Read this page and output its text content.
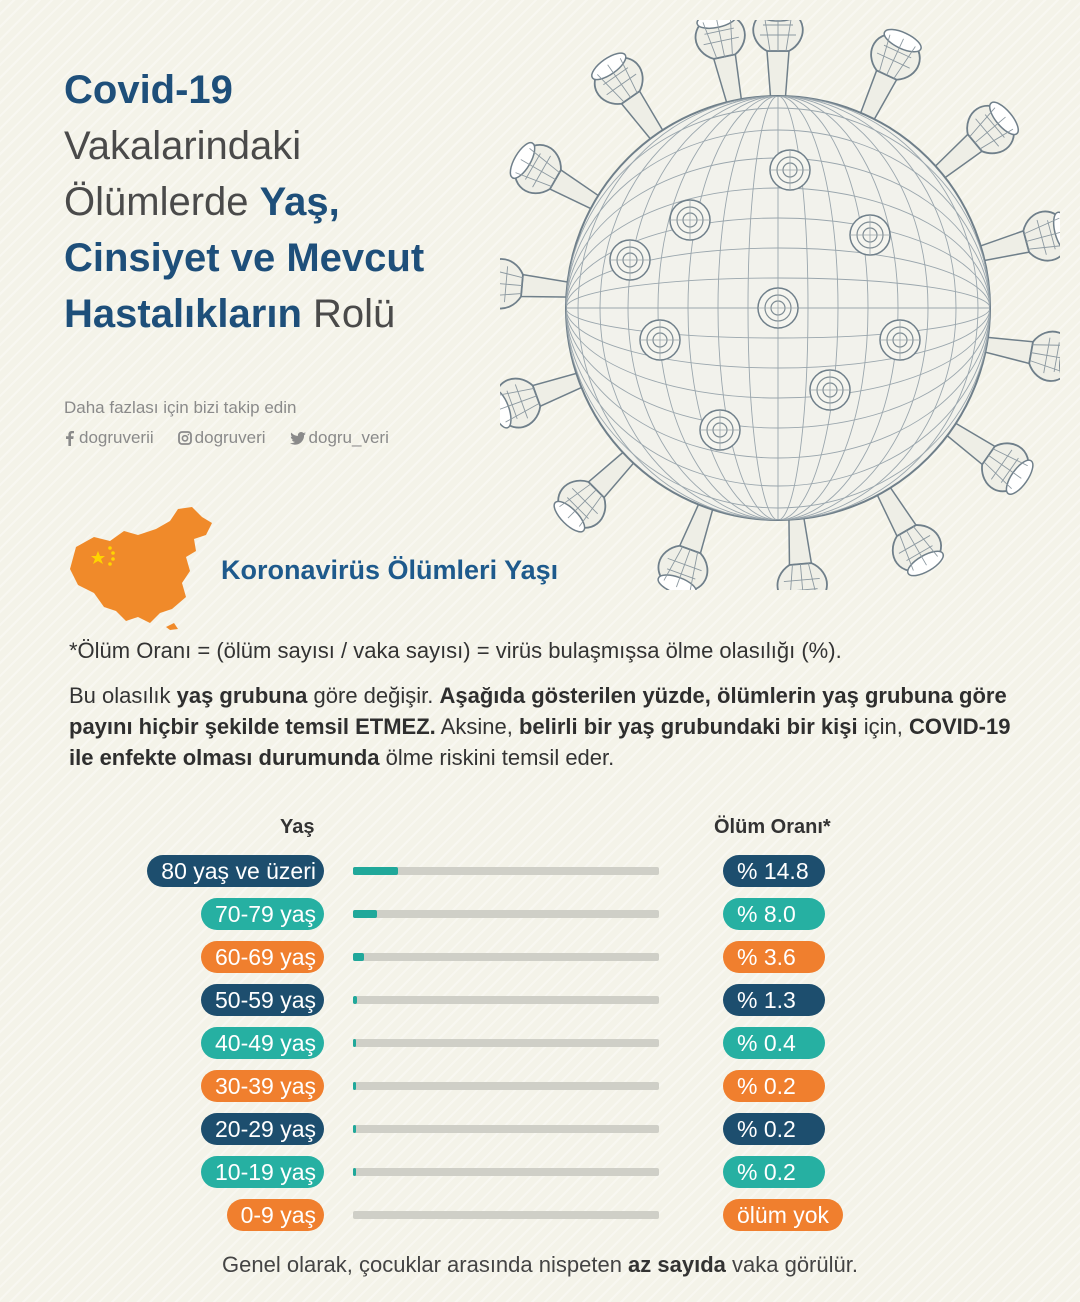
Covid-19
Vakalarindaki
Ölümlerde Yaş,
Cinsiyet ve Mevcut
Hastalıkların Rolü
Daha fazlası için bizi takip edin
dogruverii dogruveri	dogru_veri
Koronavirüs Ölümleri Yaşı
*Ölüm Oranı = (ölüm sayısı / vaka sayısı) = virüs bulaşmışsa ölme olasılığı (%).
Bu olasılık yaş grubuna göre değişir. Aşağıda gösterilen yüzde, ölümlerin yaş grubuna göre payını hiçbir şekilde temsil ETMEZ. Aksine, belirli bir yaş grubundaki bir kişi için, COVID-19 ile enfekte olması durumunda ölme riskini temsil eder.
Yaş	Ölüm Oranı*
80 yaş ve üzeri	% 14.8
70-79 yaş	% 8.0
60-69 yaş	% 3.6
50-59 yaş	% 1.3
40-49 yaş	% 0.4
30-39 yaş	% 0.2
20-29 yaş	% 0.2
10-19 yaş	% 0.2
0-9 yaş	ölüm yok
Genel olarak, çocuklar arasında nispeten az sayıda vaka görülür.
